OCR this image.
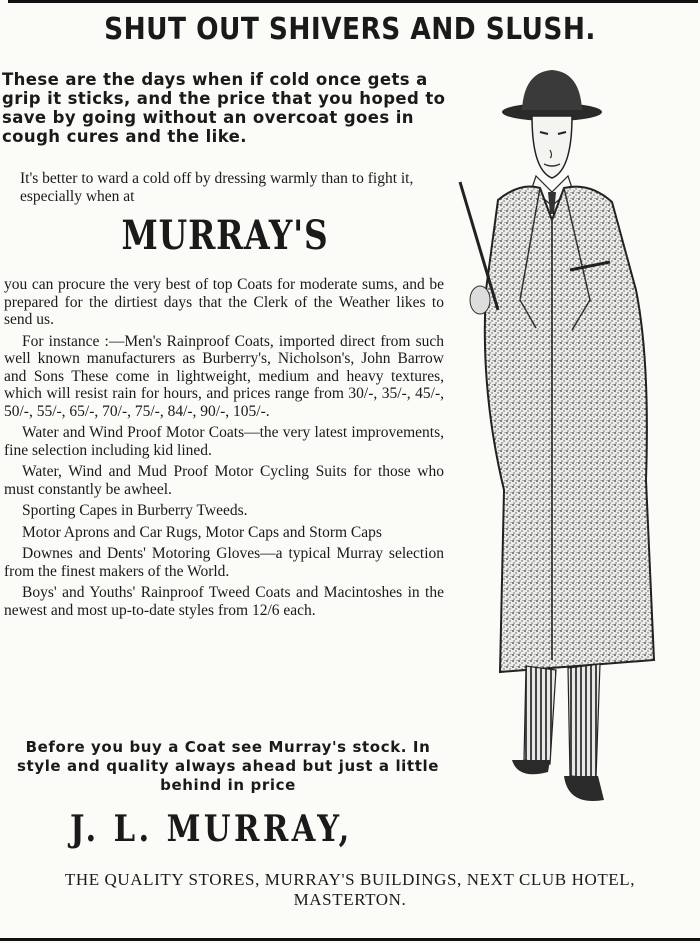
SHUT OUT SHIVERS AND SLUSH.
These are the days when if cold once gets a grip it sticks, and the price that you hoped to save by going without an overcoat goes in cough cures and the like.
It's better to ward a cold off by dressing warmly than to fight it, especially when at
MURRAY'S

you can procure the very best of top Coats for moderate sums, and be prepared for the dirtiest days that the Clerk of the Weather likes to send us.

For instance :—Men's Rainproof Coats, imported direct from such well known manufacturers as Burberry's, Nicholson's, John Barrow and Sons These come in lightweight, medium and heavy textures, which will resist rain for hours, and prices range from 30/-, 35/-, 45/-, 50/-, 55/-, 65/-, 70/-, 75/-, 84/-, 90/-, 105/-.

Water and Wind Proof Motor Coats—the very latest improvements, fine selection including kid lined.

Water, Wind and Mud Proof Motor Cycling Suits for those who must constantly be awheel.

Sporting Capes in Burberry Tweeds.

Motor Aprons and Car Rugs, Motor Caps and Storm Caps

Downes and Dents' Motoring Gloves—a typical Murray selection from the finest makers of the World.

Boys' and Youths' Rainproof Tweed Coats and Macintoshes in the newest and most up-to-date styles from 12/6 each.

Before you buy a Coat see Murray's stock. In style and quality always ahead but just a little behind in price
J. L. MURRAY,
THE QUALITY STORES, MURRAY'S BUILDINGS, NEXT CLUB HOTEL,
MASTERTON.
